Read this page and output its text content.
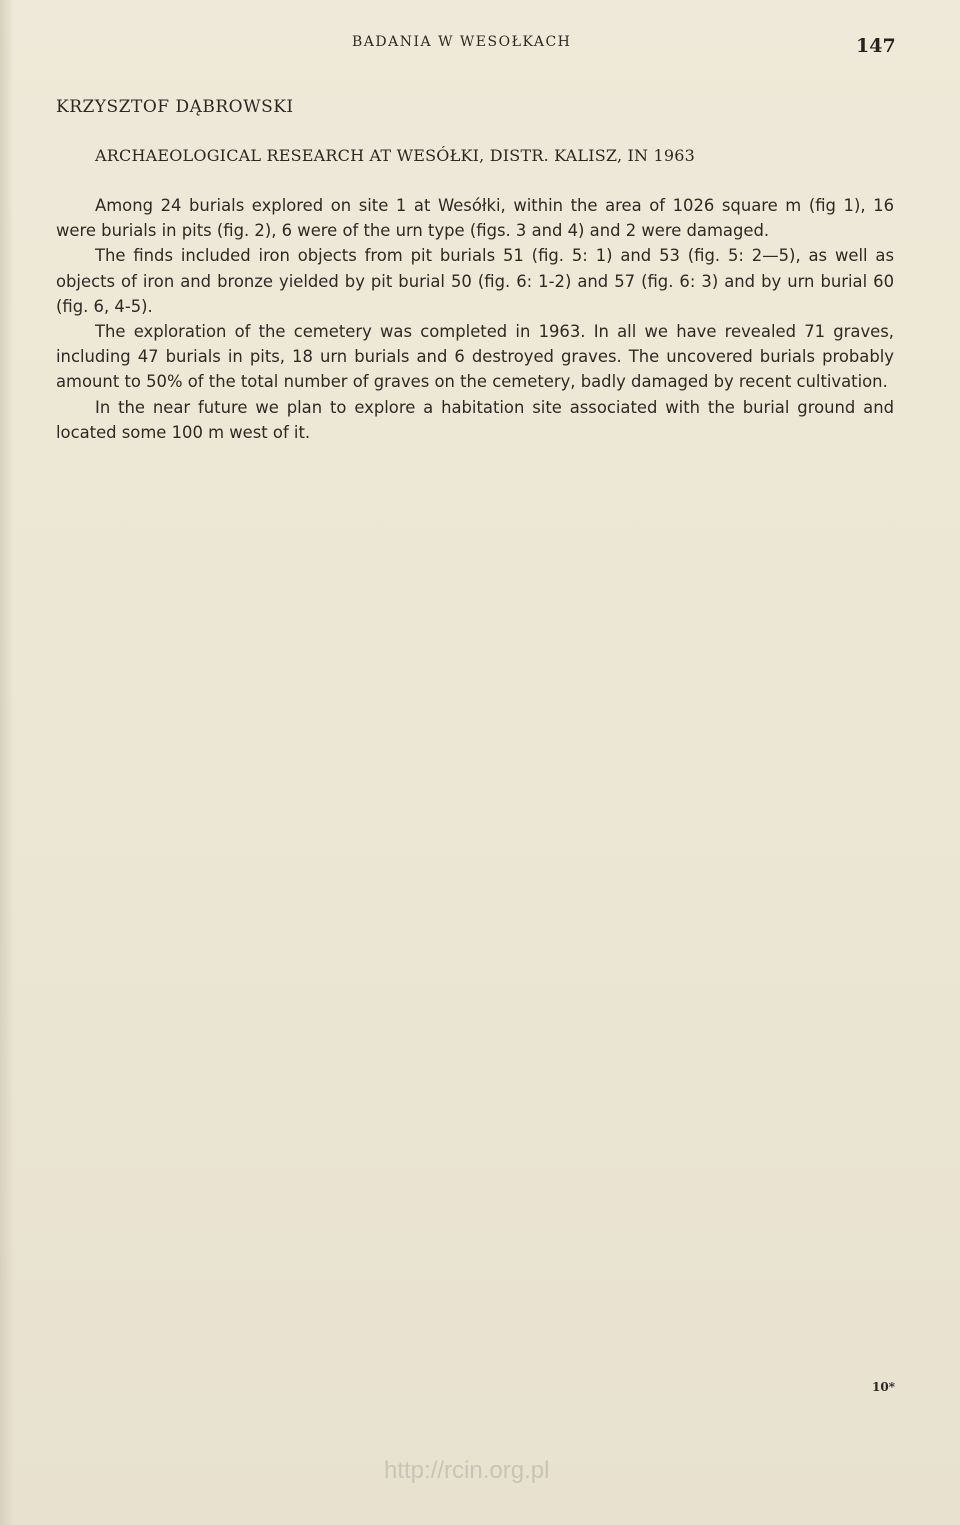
BADANIA W WESOŁKACH	147
KRZYSZTOF DĄBROWSKI
ARCHAEOLOGICAL RESEARCH AT WESÓŁKI, DISTR. KALISZ, IN 1963

Among 24 burials explored on site 1 at Wesółki, within the area of 1026 square m (fig 1), 16 were burials in pits (fig. 2), 6 were of the urn type (figs. 3 and 4) and 2 were damaged.

The finds included iron objects from pit burials 51 (fig. 5: 1) and 53 (fig. 5: 2—5), as well as objects of iron and bronze yielded by pit burial 50 (fig. 6: 1-2) and 57 (fig. 6: 3) and by urn burial 60 (fig. 6, 4-5).

The exploration of the cemetery was completed in 1963. In all we have revealed 71 graves, including 47 burials in pits, 18 urn burials and 6 destroyed graves. The uncovered burials probably amount to 50% of the total number of graves on the cemetery, badly damaged by recent cultivation.

In the near future we plan to explore a habitation site associated with the burial ground and located some 100 m west of it.

10*
http://rcin.org.pl
